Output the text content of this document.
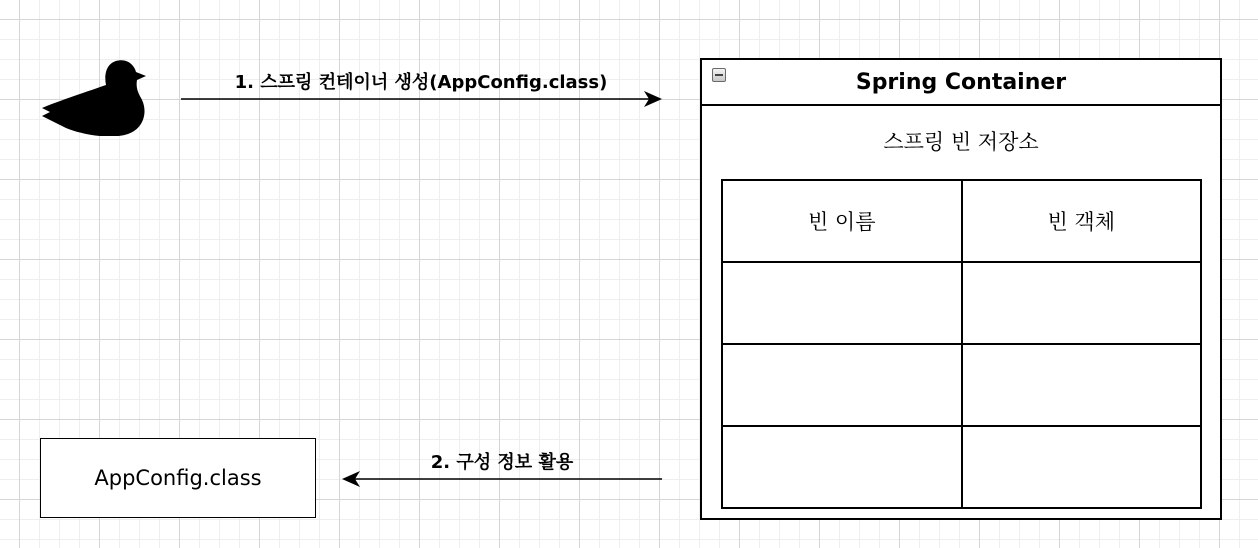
1. 스프링 컨테이너 생성(AppConfig.class)
2. 구성 정보 활용
AppConfig.class
Spring Container
스프링 빈 저장소
빈 이름	빈 객체
